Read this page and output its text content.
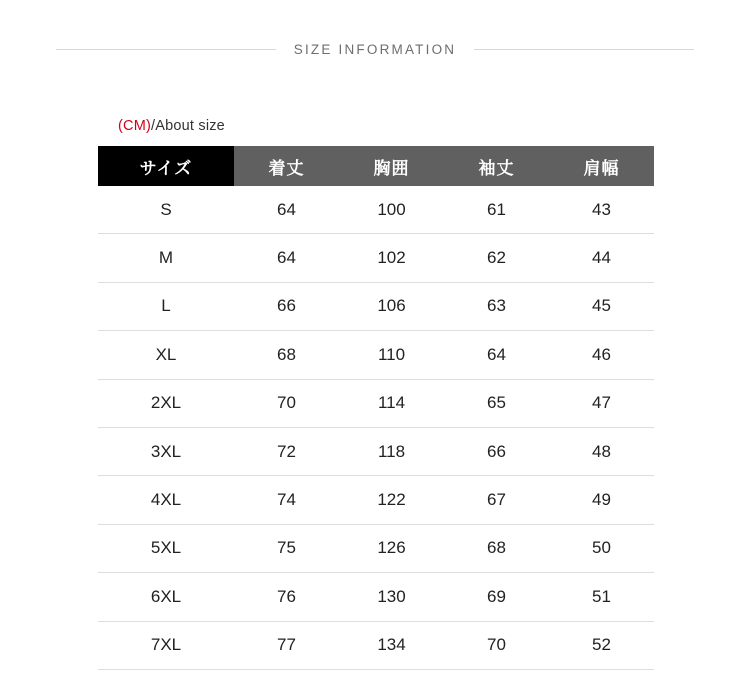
SIZE INFORMATION
(CM)/About size
サイズ	着丈	胸囲	袖丈	肩幅
S	64	100	61	43
M	64	102	62	44
L	66	106	63	45
XL	68	110	64	46
2XL	70	114	65	47
3XL	72	118	66	48
4XL	74	122	67	49
5XL	75	126	68	50
6XL	76	130	69	51
7XL	77	134	70	52
